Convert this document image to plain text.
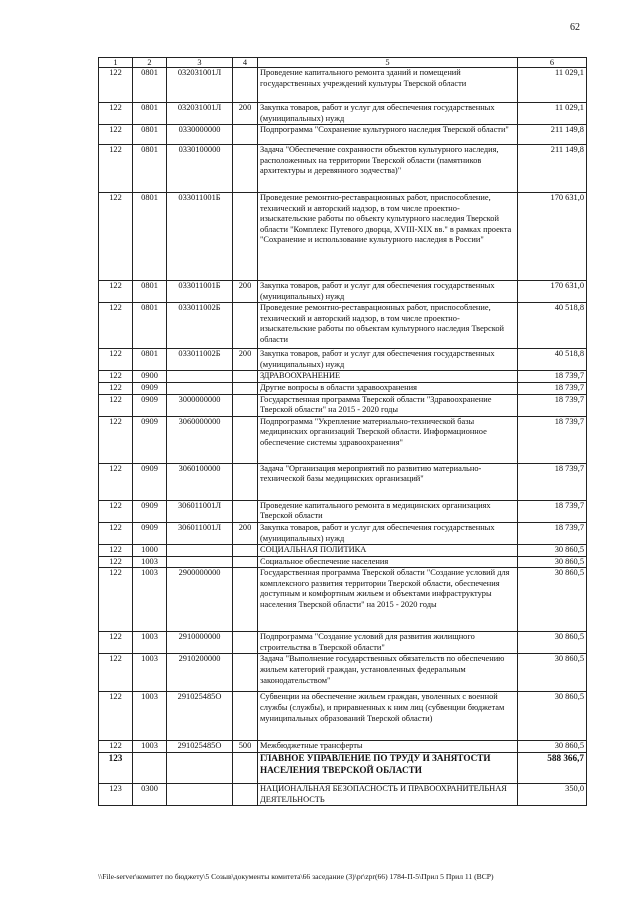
62
1	2	3	4	5	6
122	0801	032031001Л		Проведение капитального ремонта зданий и помещений государственных учреждений культуры Тверской области	11 029,1
122	0801	032031001Л	200	Закупка товаров, работ и услуг для обеспечения государственных (муниципальных) нужд	11 029,1
122	0801	0330000000		Подпрограмма "Сохранение культурного наследия Тверской области"	211 149,8
122	0801	0330100000		Задача "Обеспечение сохранности объектов культурного наследия, расположенных на территории Тверской области (памятников архитектуры и деревянного зодчества)"	211 149,8
122	0801	033011001Б		Проведение ремонтно-реставрационных работ, приспособление, технический и авторский надзор, в том числе проектно-изыскательские работы по объекту культурного наследия Тверской области "Комплекс Путевого дворца, XVIII-XIX вв." в рамках проекта "Сохранение и использование культурного наследия в России"	170 631,0
122	0801	033011001Б	200	Закупка товаров, работ и услуг для обеспечения государственных (муниципальных) нужд	170 631,0
122	0801	033011002Б		Проведение ремонтно-реставрационных работ, приспособление, технический и авторский надзор, в том числе проектно-изыскательские работы по объектам культурного наследия Тверской области	40 518,8
122	0801	033011002Б	200	Закупка товаров, работ и услуг для обеспечения государственных (муниципальных) нужд	40 518,8
122	0900			ЗДРАВООХРАНЕНИЕ	18 739,7
122	0909			Другие вопросы в области здравоохранения	18 739,7
122	0909	3000000000		Государственная программа Тверской области "Здравоохранение Тверской области" на 2015 - 2020 годы	18 739,7
122	0909	3060000000		Подпрограмма "Укрепление материально-технической базы медицинских организаций Тверской области. Информационное обеспечение системы здравоохранения"	18 739,7
122	0909	3060100000		Задача "Организация мероприятий по развитию материально-технической базы медицинских организаций"	18 739,7
122	0909	306011001Л		Проведение капитального ремонта в медицинских организациях Тверской области	18 739,7
122	0909	306011001Л	200	Закупка товаров, работ и услуг для обеспечения государственных (муниципальных) нужд	18 739,7
122	1000			СОЦИАЛЬНАЯ ПОЛИТИКА	30 860,5
122	1003			Социальное обеспечение населения	30 860,5
122	1003	2900000000		Государственная программа Тверской области "Создание условий для комплексного развития территории Тверской области, обеспечения доступным и комфортным жильем и объектами инфраструктуры населения Тверской области" на 2015 - 2020 годы	30 860,5
122	1003	2910000000		Подпрограмма "Создание условий для развития жилищного строительства в Тверской области"	30 860,5
122	1003	2910200000		Задача "Выполнение государственных обязательств по обеспечению жильем категорий граждан, установленных федеральным законодательством"	30 860,5
122	1003	291025485О		Субвенции на обеспечение жильем граждан, уволенных с военной службы (службы), и приравненных к ним лиц (субвенции бюджетам муниципальных образований Тверской области)	30 860,5
122	1003	291025485О	500	Межбюджетные трансферты	30 860,5
123				ГЛАВНОЕ УПРАВЛЕНИЕ ПО ТРУДУ И ЗАНЯТОСТИ НАСЕЛЕНИЯ ТВЕРСКОЙ ОБЛАСТИ	588 366,7
123	0300			НАЦИОНАЛЬНАЯ БЕЗОПАСНОСТЬ И ПРАВООХРАНИТЕЛЬНАЯ ДЕЯТЕЛЬНОСТЬ	350,0
\\File-server\комитет по бюджету\5 Созыв\документы комитета\66 заседание (3)\pr\zpr(66) 1784-П-5\Прил 5 Прил 11 (ВСР)
